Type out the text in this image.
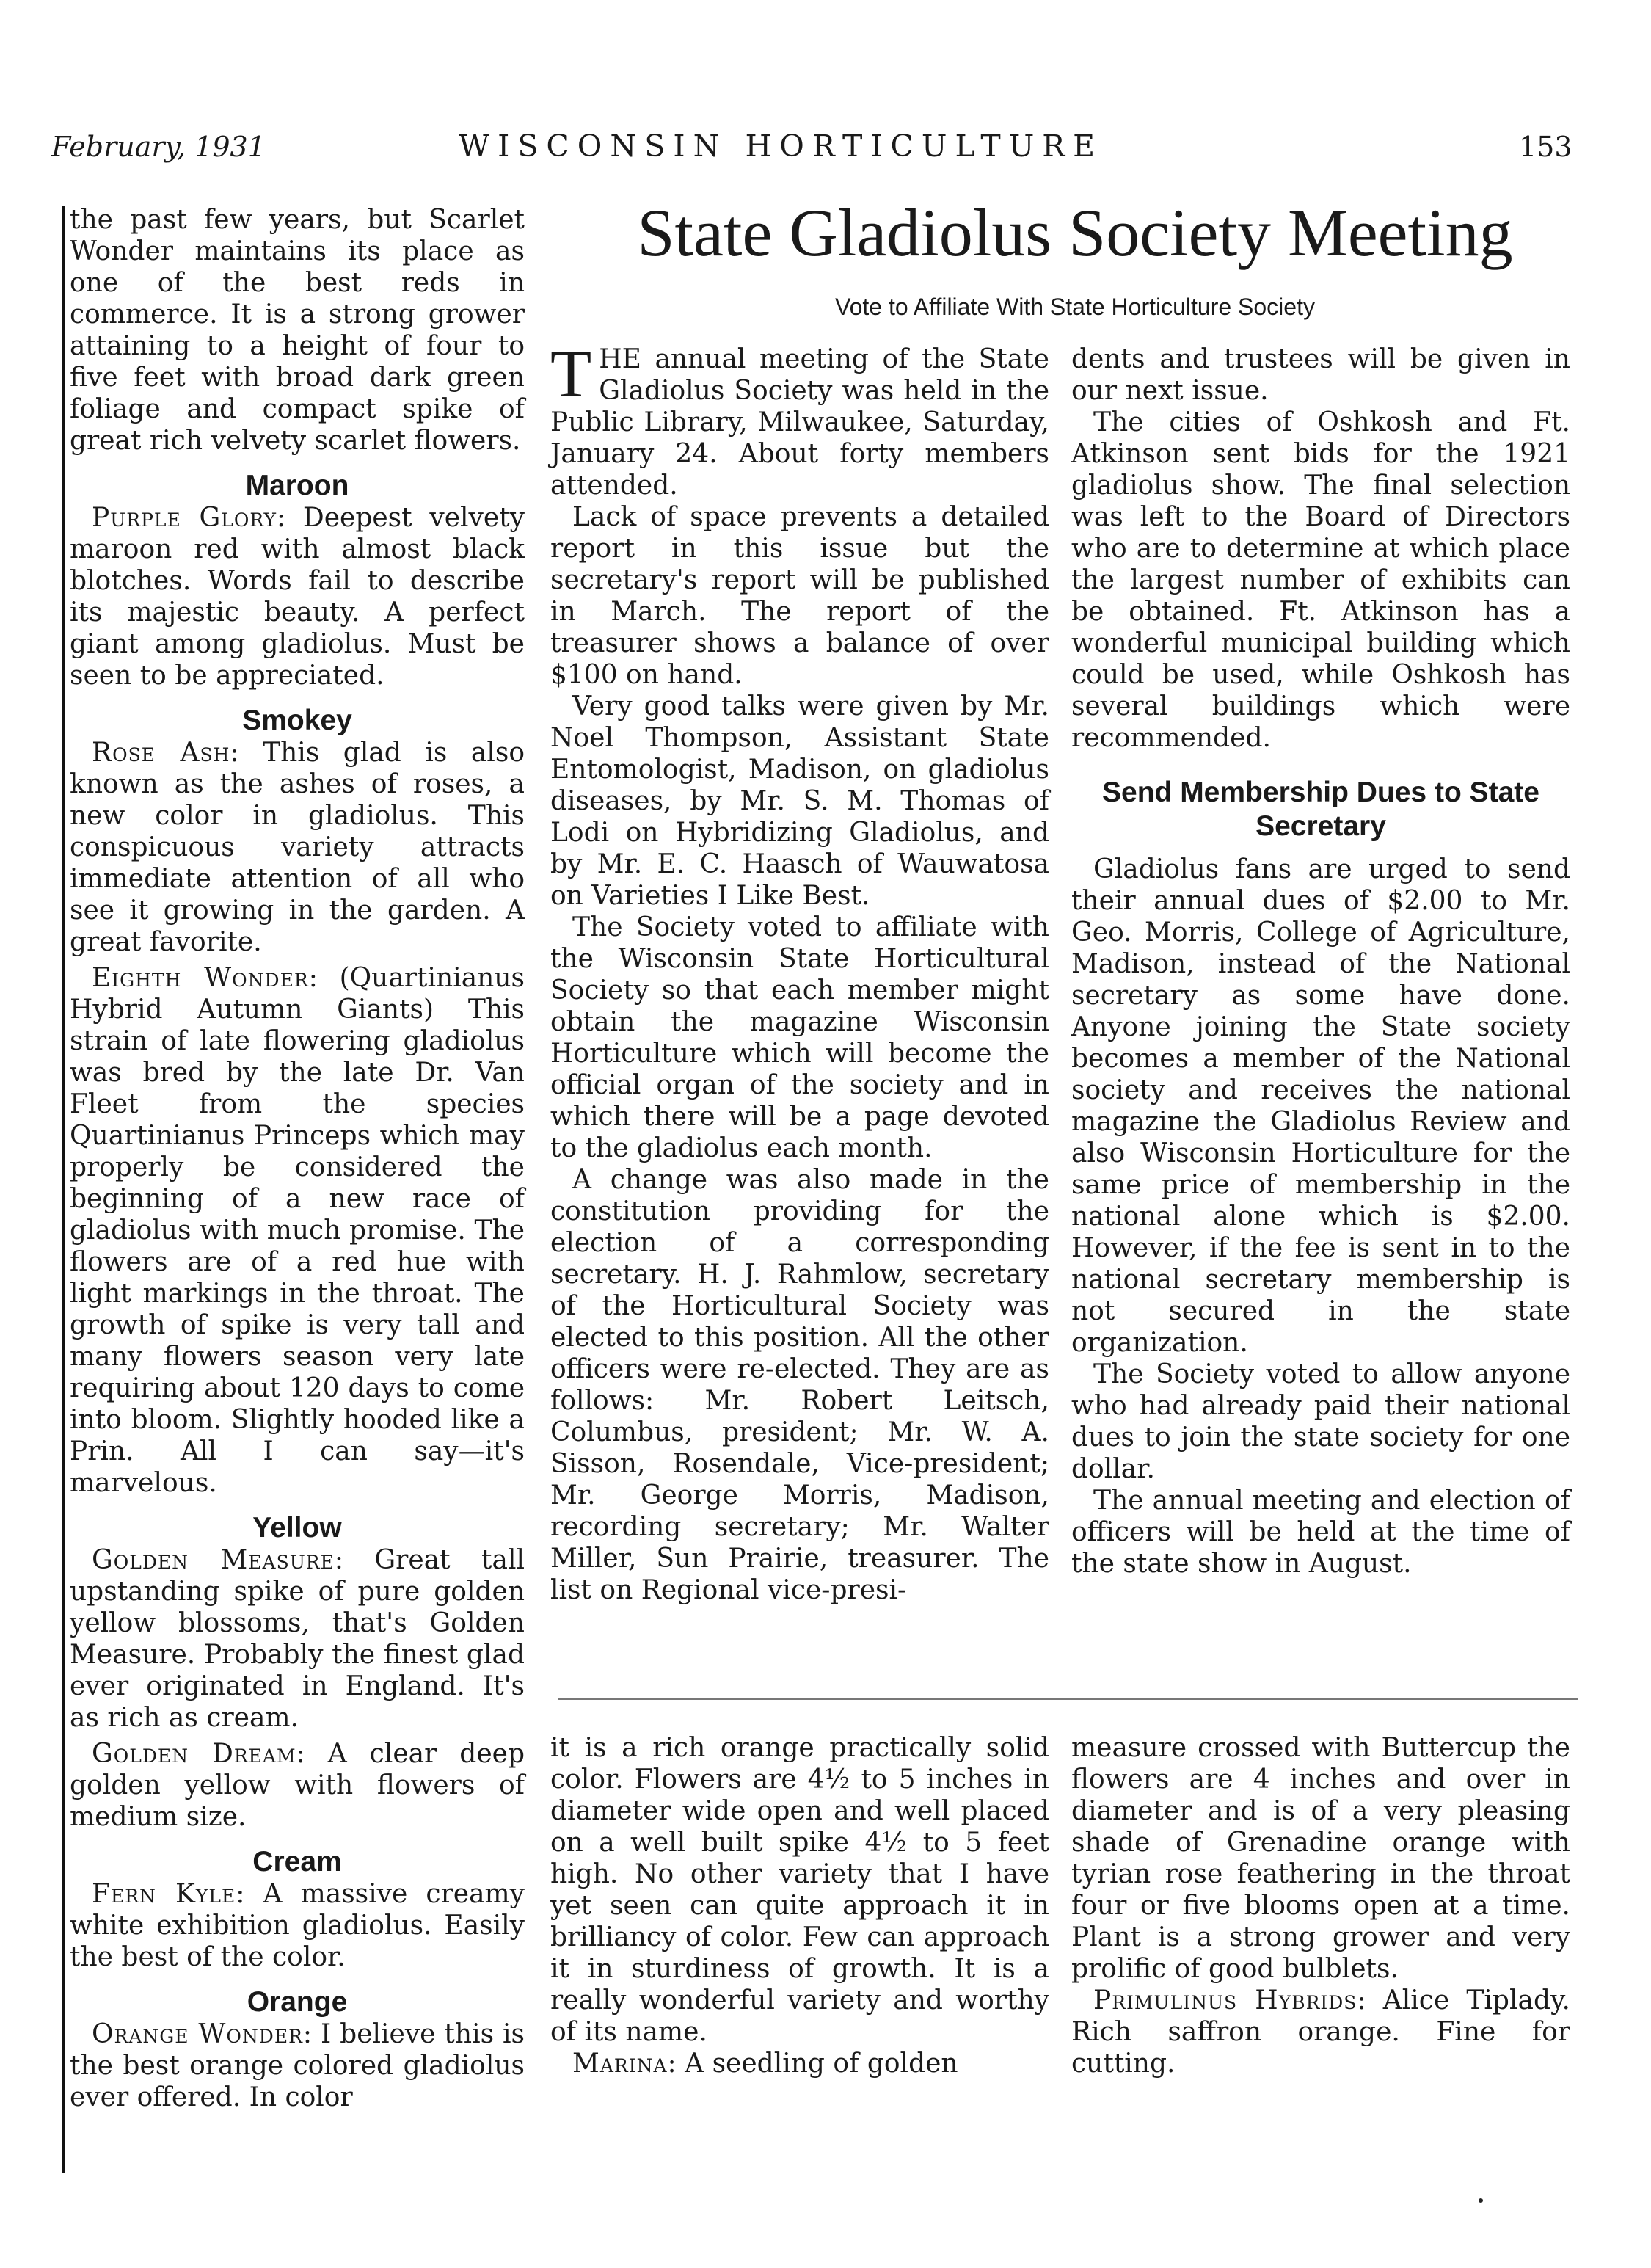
February, 1931	WISCONSIN HORTICULTURE	153

the past few years, but Scarlet Wonder maintains its place as one of the best reds in commerce. It is a strong grower attaining to a height of four to five feet with broad dark green foliage and compact spike of great rich velvety scarlet flowers.

Maroon

Purple Glory: Deepest velvety maroon red with almost black blotches. Words fail to describe its majestic beauty. A perfect giant among gladiolus. Must be seen to be appreciated.

Smokey

Rose Ash: This glad is also known as the ashes of roses, a new color in gladiolus. This conspicuous variety attracts immediate attention of all who see it growing in the garden. A great favorite.

Eighth Wonder: (Quartinianus Hybrid Autumn Giants) This strain of late flowering gladiolus was bred by the late Dr. Van Fleet from the species Quartinianus Princeps which may properly be considered the beginning of a new race of gladiolus with much promise. The flowers are of a red hue with light markings in the throat. The growth of spike is very tall and many flowers season very late requiring about 120 days to come into bloom. Slightly hooded like a Prin. All I can say—it's marvelous.

Yellow

Golden Measure: Great tall upstanding spike of pure golden yellow blossoms, that's Golden Measure. Probably the finest glad ever originated in England. It's as rich as cream.

Golden Dream: A clear deep golden yellow with flowers of medium size.

Cream

Fern Kyle: A massive creamy white exhibition gladiolus. Easily the best of the color.

Orange

Orange Wonder: I believe this is the best orange colored gladiolus ever offered. In color

State Gladiolus Society Meeting

Vote to Affiliate With State Horticulture Society

THE annual meeting of the State Gladiolus Society was held in the Public Library, Milwaukee, Saturday, January 24. About forty members attended.

Lack of space prevents a detailed report in this issue but the secretary's report will be published in March. The report of the treasurer shows a balance of over $100 on hand.

Very good talks were given by Mr. Noel Thompson, Assistant State Entomologist, Madison, on gladiolus diseases, by Mr. S. M. Thomas of Lodi on Hybridizing Gladiolus, and by Mr. E. C. Haasch of Wauwatosa on Varieties I Like Best.

The Society voted to affiliate with the Wisconsin State Horticultural Society so that each member might obtain the magazine Wisconsin Horticulture which will become the official organ of the society and in which there will be a page devoted to the gladiolus each month.

A change was also made in the constitution providing for the election of a corresponding secretary. H. J. Rahmlow, secretary of the Horticultural Society was elected to this position. All the other officers were re-elected. They are as follows: Mr. Robert Leitsch, Columbus, president; Mr. W. A. Sisson, Rosendale, Vice-president; Mr. George Morris, Madison, recording secretary; Mr. Walter Miller, Sun Prairie, treasurer. The list on Regional vice-presi-

dents and trustees will be given in our next issue.

The cities of Oshkosh and Ft. Atkinson sent bids for the 1921 gladiolus show. The final selection was left to the Board of Directors who are to determine at which place the largest number of exhibits can be obtained. Ft. Atkinson has a wonderful municipal building which could be used, while Oshkosh has several buildings which were recommended.

Send Membership Dues to State Secretary

Gladiolus fans are urged to send their annual dues of $2.00 to Mr. Geo. Morris, College of Agriculture, Madison, instead of the National secretary as some have done. Anyone joining the State society becomes a member of the National society and receives the national magazine the Gladiolus Review and also Wisconsin Horticulture for the same price of membership in the national alone which is $2.00. However, if the fee is sent in to the national secretary membership is not secured in the state organization.

The Society voted to allow anyone who had already paid their national dues to join the state society for one dollar.

The annual meeting and election of officers will be held at the time of the state show in August.

it is a rich orange practically solid color. Flowers are 4½ to 5 inches in diameter wide open and well placed on a well built spike 4½ to 5 feet high. No other variety that I have yet seen can quite approach it in brilliancy of color. Few can approach it in sturdiness of growth. It is a really wonderful variety and worthy of its name.

Marina: A seedling of golden

measure crossed with Buttercup the flowers are 4 inches and over in diameter and is of a very pleasing shade of Grenadine orange with tyrian rose feathering in the throat four or five blooms open at a time. Plant is a strong grower and very prolific of good bulblets.

Primulinus Hybrids: Alice Tiplady. Rich saffron orange. Fine for cutting.
